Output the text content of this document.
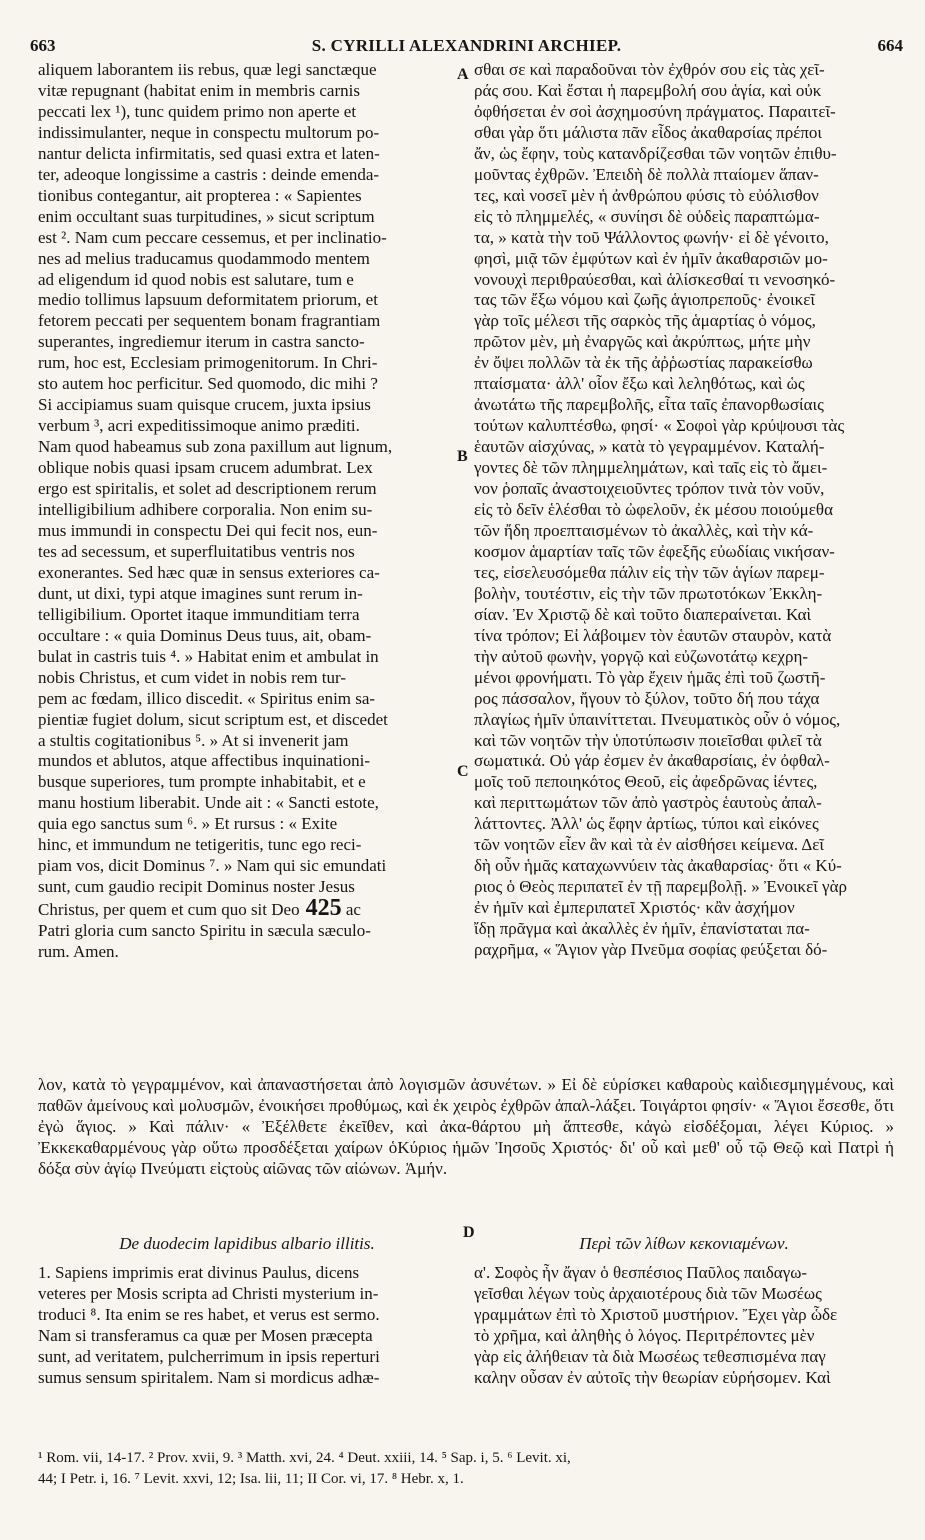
663	S. CYRILLI ALEXANDRINI ARCHIEP.	664
A
B
C
D
aliquem laborantem iis rebus, quæ legi sanctæque
vitæ repugnant (habitat enim in membris carnis
peccati lex ¹), tunc quidem primo non aperte et
indissimulanter, neque in conspectu multorum po-
nantur delicta infirmitatis, sed quasi extra et laten-
ter, adeoque longissime a castris : deinde emenda-
tionibus contegantur, ait propterea : « Sapientes
enim occultant suas turpitudines, » sicut scriptum
est ². Nam cum peccare cessemus, et per inclinatio-
nes ad melius traducamus quodammodo mentem
ad eligendum id quod nobis est salutare, tum e
medio tollimus lapsuum deformitatem priorum, et
fetorem peccati per sequentem bonam fragrantiam
superantes, ingrediemur iterum in castra sancto-
rum, hoc est, Ecclesiam primogenitorum. In Chri-
sto autem hoc perficitur. Sed quomodo, dic mihi ?
Si accipiamus suam quisque crucem, juxta ipsius
verbum ³, acri expeditissimoque animo præditi.
Nam quod habeamus sub zona paxillum aut lignum,
oblique nobis quasi ipsam crucem adumbrat. Lex
ergo est spiritalis, et solet ad descriptionem rerum
intelligibilium adhibere corporalia. Non enim su-
mus immundi in conspectu Dei qui fecit nos, eun-
tes ad secessum, et superfluitatibus ventris nos
exonerantes. Sed hæc quæ in sensus exteriores ca-
dunt, ut dixi, typi atque imagines sunt rerum in-
telligibilium. Oportet itaque immunditiam terra
occultare : « quia Dominus Deus tuus, ait, obam-
bulat in castris tuis ⁴. » Habitat enim et ambulat in
nobis Christus, et cum videt in nobis rem tur-
pem ac fœdam, illico discedit. « Spiritus enim sa-
pientiæ fugiet dolum, sicut scriptum est, et discedet
a stultis cogitationibus ⁵. » At si invenerit jam
mundos et ablutos, atque affectibus inquinationi-
busque superiores, tum prompte inhabitabit, et e
manu hostium liberabit. Unde ait : « Sancti estote,
quia ego sanctus sum ⁶. » Et rursus : « Exite
hinc, et immundum ne tetigeritis, tunc ego reci-
piam vos, dicit Dominus ⁷. » Nam qui sic emundati
sunt, cum gaudio recipit Dominus noster Jesus
Christus, per quem et cum quo sit Deo 425 ac
Patri gloria cum sancto Spiritu in sæcula sæculo-
rum. Amen.
σθαι σε καὶ παραδοῦναι τὸν ἐχθρόν σου εἰς τὰς χεῖ-
ράς σου. Καὶ ἔσται ἡ παρεμβολή σου ἁγία, καὶ οὐκ
ὀφθήσεται ἐν σοὶ ἀσχημοσύνη πράγματος. Παραιτεῖ-
σθαι γὰρ ὅτι μάλιστα πᾶν εἶδος ἀκαθαρσίας πρέποι
ἄν, ὡς ἔφην, τοὺς κατανδρίζεσθαι τῶν νοητῶν ἐπιθυ-
μοῦντας ἐχθρῶν. Ἐπειδὴ δὲ πολλὰ πταίομεν ἅπαν-
τες, καὶ νοσεῖ μὲν ἡ ἀνθρώπου φύσις τὸ εὐόλισθον
εἰς τὸ πλημμελές, « συνίησι δὲ οὐδεὶς παραπτώμα-
τα, » κατὰ τὴν τοῦ Ψάλλοντος φωνήν· εἰ δὲ γένοιτο,
φησὶ, μιᾷ τῶν ἐμφύτων καὶ ἐν ἡμῖν ἀκαθαρσιῶν μο-
νονουχὶ περιθραύεσθαι, καὶ ἁλίσκεσθαί τι νενοσηκό-
τας τῶν ἔξω νόμου καὶ ζωῆς ἁγιοπρεποῦς· ἐνοικεῖ
γὰρ τοῖς μέλεσι τῆς σαρκὸς τῆς ἁμαρτίας ὁ νόμος,
πρῶτον μὲν, μὴ ἐναργῶς καὶ ἀκρύπτως, μήτε μὴν
ἐν ὄψει πολλῶν τὰ ἐκ τῆς ἀῤῥωστίας παρακείσθω
πταίσματα· ἀλλ' οἷον ἔξω καὶ λεληθότως, καὶ ὡς
ἀνωτάτω τῆς παρεμβολῆς, εἶτα ταῖς ἐπανορθωσίαις
τούτων καλυπτέσθω, φησί· « Σοφοὶ γὰρ κρύψουσι τὰς
ἑαυτῶν αἰσχύνας, » κατὰ τὸ γεγραμμένον. Καταλή-
γοντες δὲ τῶν πλημμελημάτων, καὶ ταῖς εἰς τὸ ἄμει-
νον ῥοπαῖς ἀναστοιχειοῦντες τρόπον τινὰ τὸν νοῦν,
εἰς τὸ δεῖν ἑλέσθαι τὸ ὠφελοῦν, ἐκ μέσου ποιούμεθα
τῶν ἤδη προεπταισμένων τὸ ἀκαλλὲς, καὶ τὴν κά-
κοσμον ἁμαρτίαν ταῖς τῶν ἐφεξῆς εὐωδίαις νικήσαν-
τες, εἰσελευσόμεθα πάλιν εἰς τὴν τῶν ἁγίων παρεμ-
βολὴν, τουτέστιν, εἰς τὴν τῶν πρωτοτόκων Ἐκκλη-
σίαν. Ἐν Χριστῷ δὲ καὶ τοῦτο διαπεραίνεται. Καὶ
τίνα τρόπον; Εἰ λάβοιμεν τὸν ἑαυτῶν σταυρὸν, κατὰ
τὴν αὐτοῦ φωνὴν, γοργῷ καὶ εὐζωνοτάτῳ κεχρη-
μένοι φρονήματι. Τὸ γὰρ ἔχειν ἡμᾶς ἐπὶ τοῦ ζωστῆ-
ρος πάσσαλον, ἤγουν τὸ ξύλον, τοῦτο δή που τάχα
πλαγίως ἡμῖν ὑπαινίττεται. Πνευματικὸς οὖν ὁ νόμος,
καὶ τῶν νοητῶν τὴν ὑποτύπωσιν ποιεῖσθαι φιλεῖ τὰ
σωματικά. Οὐ γάρ ἐσμεν ἐν ἀκαθαρσίαις, ἐν ὀφθαλ-
μοῖς τοῦ πεποιηκότος Θεοῦ, εἰς ἀφεδρῶνας ἰέντες,
καὶ περιττωμάτων τῶν ἀπὸ γαστρὸς ἑαυτοὺς ἀπαλ-
λάττοντες. Ἀλλ' ὡς ἔφην ἀρτίως, τύποι καὶ εἰκόνες
τῶν νοητῶν εἶεν ἂν καὶ τὰ ἐν αἰσθήσει κείμενα. Δεῖ
δὴ οὖν ἡμᾶς καταχωννύειν τὰς ἀκαθαρσίας· ὅτι « Κύ-
ριος ὁ Θεὸς περιπατεῖ ἐν τῇ παρεμβολῇ. » Ἐνοικεῖ γὰρ
ἐν ἡμῖν καὶ ἐμπεριπατεῖ Χριστός· κἂν ἀσχήμον
ἴδῃ πρᾶγμα καὶ ἀκαλλὲς ἐν ἡμῖν, ἐπανίσταται πα-
ραχρῆμα, « Ἅγιον γὰρ Πνεῦμα σοφίας φεύξεται δό-
λον, κατὰ τὸ γεγραμμένον, καὶ ἀπαναστήσεται ἀπὸ λογισμῶν ἀσυνέτων. » Εἰ δὲ εὑρίσκει καθαροὺς καὶδιεσμηγμένους, καὶ παθῶν ἀμείνους καὶ μολυσμῶν, ἐνοικήσει προθύμως, καὶ ἐκ χειρὸς ἐχθρῶν ἀπαλ-λάξει. Τοιγάρτοι φησίν· « Ἅγιοι ἔσεσθε, ὅτι ἐγὼ ἅγιος. » Καὶ πάλιν· « Ἐξέλθετε ἐκεῖθεν, καὶ ἀκα-θάρτου μὴ ἅπτεσθε, κἀγὼ εἰσδέξομαι, λέγει Κύριος. » Ἐκκεκαθαρμένους γὰρ οὕτω προσδέξεται χαίρων ὁΚύριος ἡμῶν Ἰησοῦς Χριστός· δι' οὗ καὶ μεθ' οὗ τῷ Θεῷ καὶ Πατρὶ ἡ δόξα σὺν ἁγίῳ Πνεύματι εἰςτοὺς αἰῶνας τῶν αἰώνων. Ἀμήν.
De duodecim lapidibus albario illitis.	Περὶ τῶν λίθων κεκονιαμένων.
1. Sapiens imprimis erat divinus Paulus, dicens
veteres per Mosis scripta ad Christi mysterium in-
troduci ⁸. Ita enim se res habet, et verus est sermo.
Nam si transferamus ca quæ per Mosen præcepta
sunt, ad veritatem, pulcherrimum in ipsis reperturi
sumus sensum spiritalem. Nam si mordicus adhæ-
α'. Σοφὸς ἦν ἄγαν ὁ θεσπέσιος Παῦλος παιδαγω-
γεῖσθαι λέγων τοὺς ἀρχαιοτέρους διὰ τῶν Μωσέως
γραμμάτων ἐπὶ τὸ Χριστοῦ μυστήριον. Ἔχει γὰρ ὧδε
τὸ χρῆμα, καὶ ἀληθὴς ὁ λόγος. Περιτρέποντες μὲν
γὰρ εἰς ἀλήθειαν τὰ διὰ Μωσέως τεθεσπισμένα παγ
καλην οὖσαν ἐν αὐτοῖς τὴν θεωρίαν εὑρήσομεν. Καὶ
¹ Rom. vii, 14-17. ² Prov. xvii, 9. ³ Matth. xvi, 24. ⁴ Deut. xxiii, 14. ⁵ Sap. i, 5. ⁶ Levit. xi,
44; I Petr. i, 16. ⁷ Levit. xxvi, 12; Isa. lii, 11; II Cor. vi, 17. ⁸ Hebr. x, 1.
